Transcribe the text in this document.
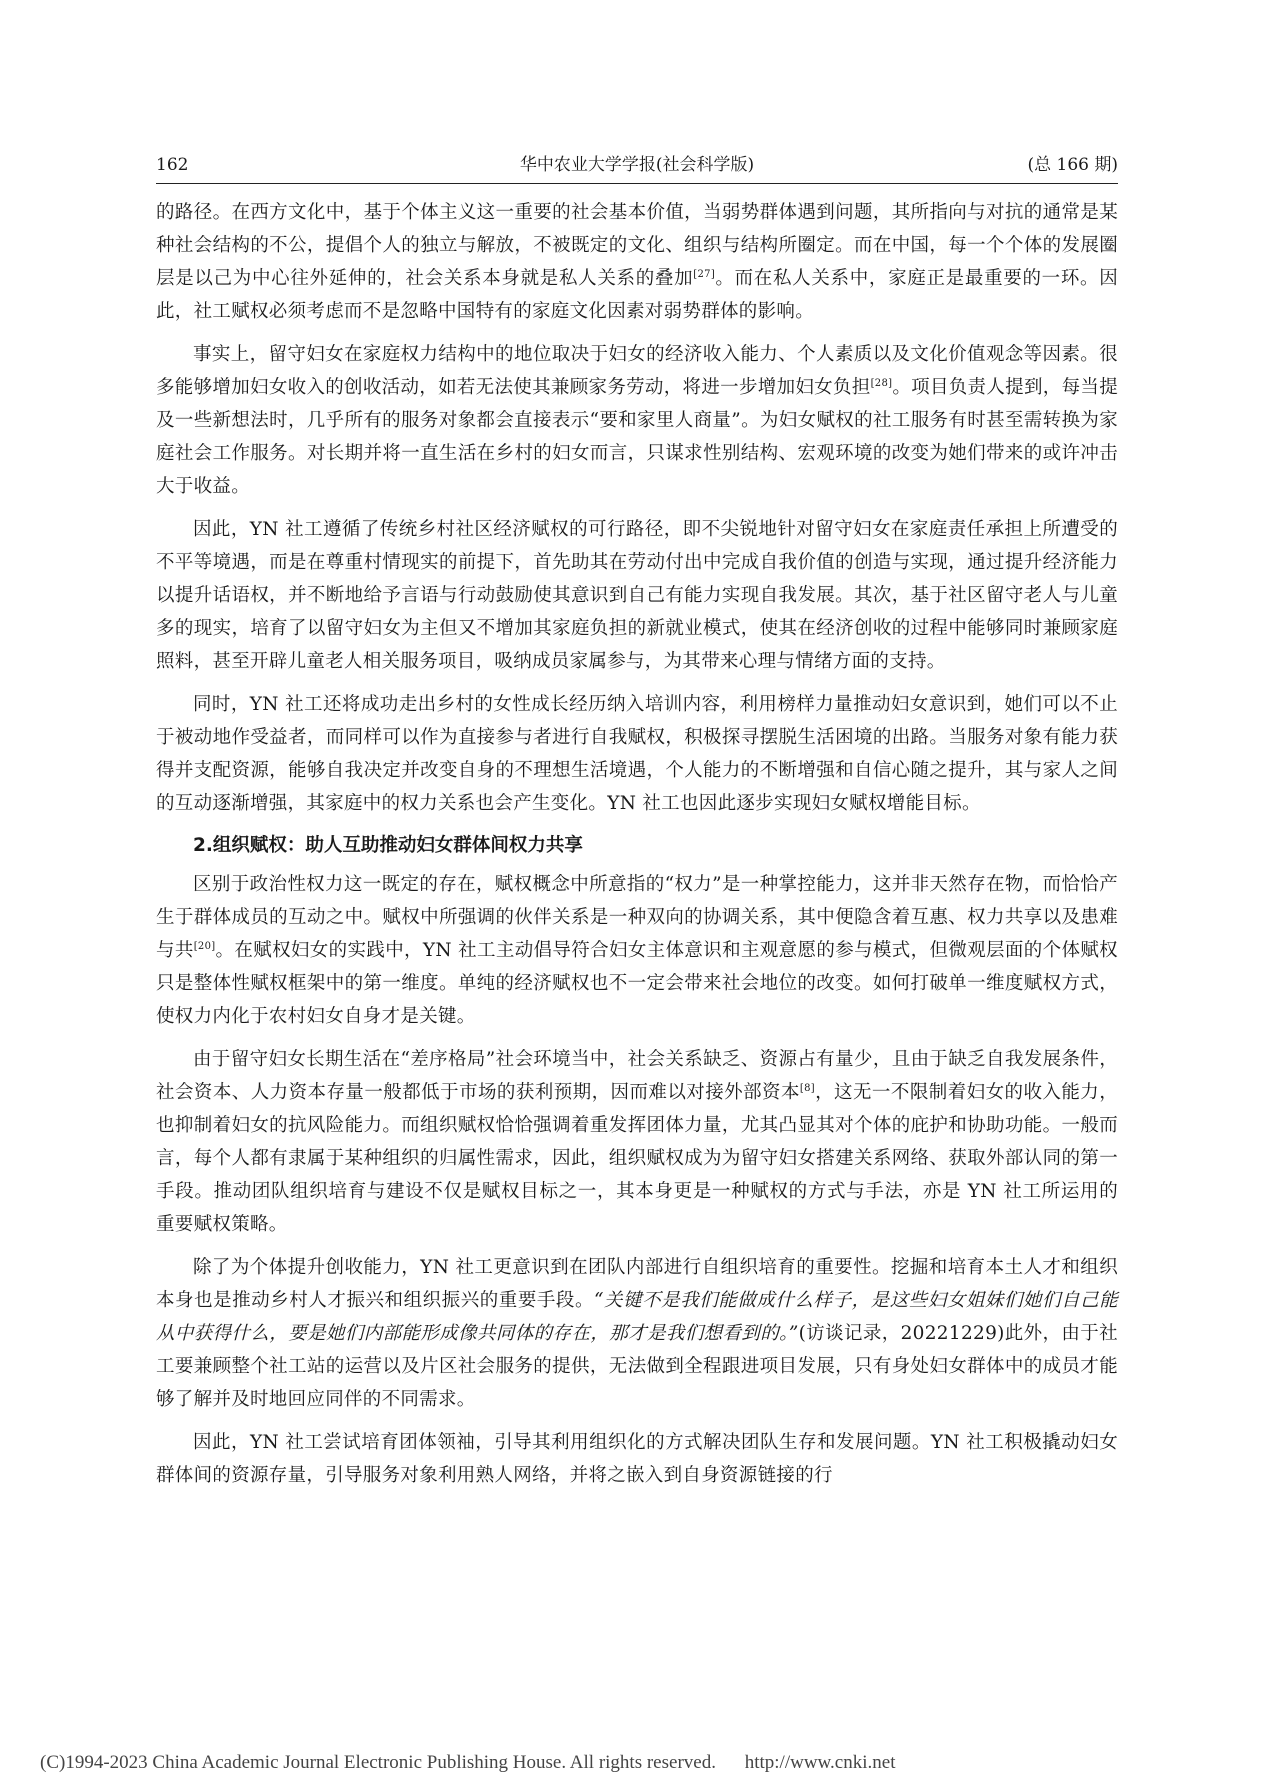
162	华中农业大学学报(社会科学版)	(总 166 期)

的路径。在西方文化中，基于个体主义这一重要的社会基本价值，当弱势群体遇到问题，其所指向与对抗的通常是某种社会结构的不公，提倡个人的独立与解放，不被既定的文化、组织与结构所圈定。而在中国，每一个个体的发展圈层是以己为中心往外延伸的，社会关系本身就是私人关系的叠加[27]。而在私人关系中，家庭正是最重要的一环。因此，社工赋权必须考虑而不是忽略中国特有的家庭文化因素对弱势群体的影响。

事实上，留守妇女在家庭权力结构中的地位取决于妇女的经济收入能力、个人素质以及文化价值观念等因素。很多能够增加妇女收入的创收活动，如若无法使其兼顾家务劳动，将进一步增加妇女负担[28]。项目负责人提到，每当提及一些新想法时，几乎所有的服务对象都会直接表示“要和家里人商量”。为妇女赋权的社工服务有时甚至需转换为家庭社会工作服务。对长期并将一直生活在乡村的妇女而言，只谋求性别结构、宏观环境的改变为她们带来的或许冲击大于收益。

因此，YN 社工遵循了传统乡村社区经济赋权的可行路径，即不尖锐地针对留守妇女在家庭责任承担上所遭受的不平等境遇，而是在尊重村情现实的前提下，首先助其在劳动付出中完成自我价值的创造与实现，通过提升经济能力以提升话语权，并不断地给予言语与行动鼓励使其意识到自己有能力实现自我发展。其次，基于社区留守老人与儿童多的现实，培育了以留守妇女为主但又不增加其家庭负担的新就业模式，使其在经济创收的过程中能够同时兼顾家庭照料，甚至开辟儿童老人相关服务项目，吸纳成员家属参与，为其带来心理与情绪方面的支持。

同时，YN 社工还将成功走出乡村的女性成长经历纳入培训内容，利用榜样力量推动妇女意识到，她们可以不止于被动地作受益者，而同样可以作为直接参与者进行自我赋权，积极探寻摆脱生活困境的出路。当服务对象有能力获得并支配资源，能够自我决定并改变自身的不理想生活境遇，个人能力的不断增强和自信心随之提升，其与家人之间的互动逐渐增强，其家庭中的权力关系也会产生变化。YN 社工也因此逐步实现妇女赋权增能目标。

2.组织赋权：助人互助推动妇女群体间权力共享

区别于政治性权力这一既定的存在，赋权概念中所意指的“权力”是一种掌控能力，这并非天然存在物，而恰恰产生于群体成员的互动之中。赋权中所强调的伙伴关系是一种双向的协调关系，其中便隐含着互惠、权力共享以及患难与共[20]。在赋权妇女的实践中，YN 社工主动倡导符合妇女主体意识和主观意愿的参与模式，但微观层面的个体赋权只是整体性赋权框架中的第一维度。单纯的经济赋权也不一定会带来社会地位的改变。如何打破单一维度赋权方式，使权力内化于农村妇女自身才是关键。

由于留守妇女长期生活在“差序格局”社会环境当中，社会关系缺乏、资源占有量少，且由于缺乏自我发展条件，社会资本、人力资本存量一般都低于市场的获利预期，因而难以对接外部资本[8]，这无一不限制着妇女的收入能力，也抑制着妇女的抗风险能力。而组织赋权恰恰强调着重发挥团体力量，尤其凸显其对个体的庇护和协助功能。一般而言，每个人都有隶属于某种组织的归属性需求，因此，组织赋权成为为留守妇女搭建关系网络、获取外部认同的第一手段。推动团队组织培育与建设不仅是赋权目标之一，其本身更是一种赋权的方式与手法，亦是 YN 社工所运用的重要赋权策略。

除了为个体提升创收能力，YN 社工更意识到在团队内部进行自组织培育的重要性。挖掘和培育本土人才和组织本身也是推动乡村人才振兴和组织振兴的重要手段。“关键不是我们能做成什么样子，是这些妇女姐妹们她们自己能从中获得什么，要是她们内部能形成像共同体的存在，那才是我们想看到的。”(访谈记录，20221229)此外，由于社工要兼顾整个社工站的运营以及片区社会服务的提供，无法做到全程跟进项目发展，只有身处妇女群体中的成员才能够了解并及时地回应同伴的不同需求。

因此，YN 社工尝试培育团体领袖，引导其利用组织化的方式解决团队生存和发展问题。YN 社工积极撬动妇女群体间的资源存量，引导服务对象利用熟人网络，并将之嵌入到自身资源链接的行

(C)1994-2023 China Academic Journal Electronic Publishing House. All rights reserved. http://www.cnki.net
